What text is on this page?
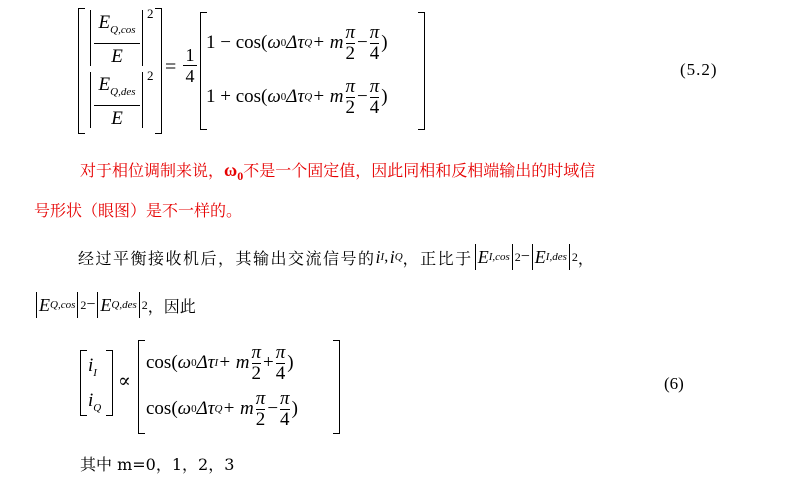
$E_{Q,cos}$
E
2
$E_{Q,des}$
E
2 =
1
4
1 − cos( ω 0 Δτ Q + m $\frac{\pi}{2} - \frac{\pi}{4}$ )
1 + cos( ω 0 Δτ Q + m $\frac{\pi}{2} - \frac{\pi}{4}$ )
(5.2)
对于相位调制来说，$\omega_0$不是一个固定值，因此同相和反相端输出的时域信
号形状（眼图）是不一样的。
经过平衡接收机后，其输出交流信号的 i I , i Q ，正比于 E I,cos 2 − E I,des 2 ，
E Q,cos 2 − E Q,des 2 ，因此
$i_I$
$i_Q$
∝
cos( ω 0 Δτ I + m $\frac{\pi}{2} + \frac{\pi}{4}$ )
cos( ω 0 Δτ Q + m $\frac{\pi}{2} - \frac{\pi}{4}$ )
(6)
其中 m=0，1，2，3
